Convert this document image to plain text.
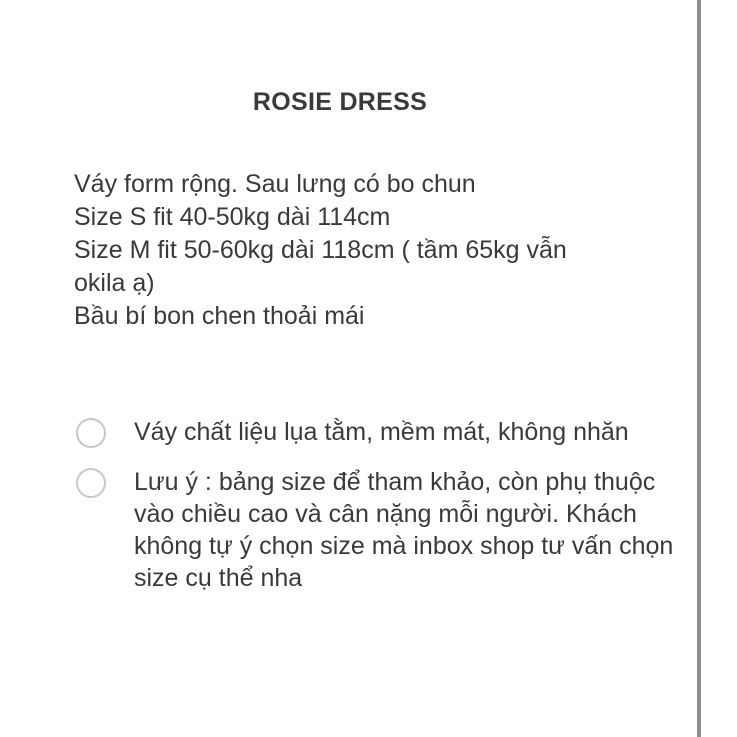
ROSIE DRESS
Váy form rộng. Sau lưng có bo chun
Size S fit 40-50kg dài 114cm
Size M fit 50-60kg dài 118cm ( tầm 65kg vẫn
okila ạ)
Bầu bí bon chen thoải mái
Váy chất liệu lụa tằm, mềm mát, không nhăn
Lưu ý : bảng size để tham khảo, còn phụ thuộc vào chiều cao và cân nặng mỗi người. Khách không tự ý chọn size mà inbox shop tư vấn chọn size cụ thể nha
